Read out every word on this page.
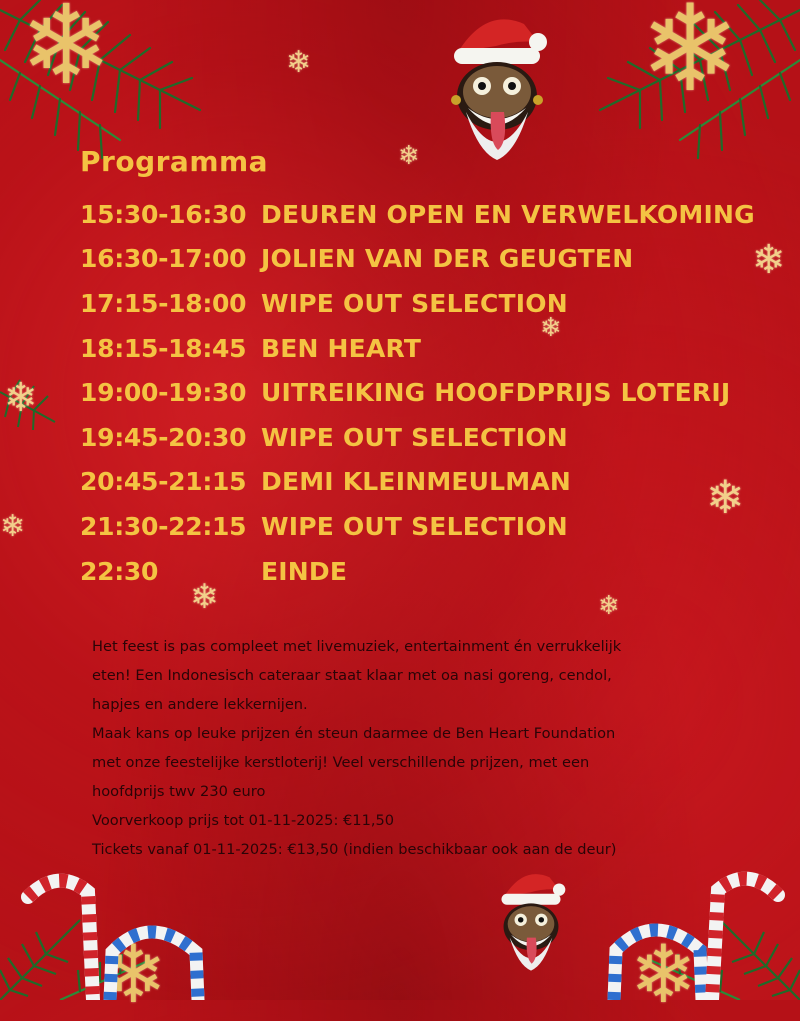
❄	❄
❄	❄
❄
❄
❄
❄
❄
❄
❄
❄	❄
Programma
15:30-16:30 DEUREN OPEN EN VERWELKOMING
16:30-17:00 JOLIEN VAN DER GEUGTEN
17:15-18:00 WIPE OUT SELECTION
18:15-18:45 BEN HEART
19:00-19:30 UITREIKING HOOFDPRIJS LOTERIJ
19:45-20:30 WIPE OUT SELECTION
20:45-21:15 DEMI KLEINMEULMAN
21:30-22:15 WIPE OUT SELECTION
22:30	EINDE

Het feest is pas compleet met livemuziek, entertainment én verrukkelijk

eten! Een Indonesisch cateraar staat klaar met oa nasi goreng, cendol,

hapjes en andere lekkernijen.

Maak kans op leuke prijzen én steun daarmee de Ben Heart Foundation

met onze feestelijke kerstloterij! Veel verschillende prijzen, met een

hoofdprijs twv 230 euro

Voorverkoop prijs tot 01-11-2025: €11,50

Tickets vanaf 01-11-2025: €13,50 (indien beschikbaar ook aan de deur)
